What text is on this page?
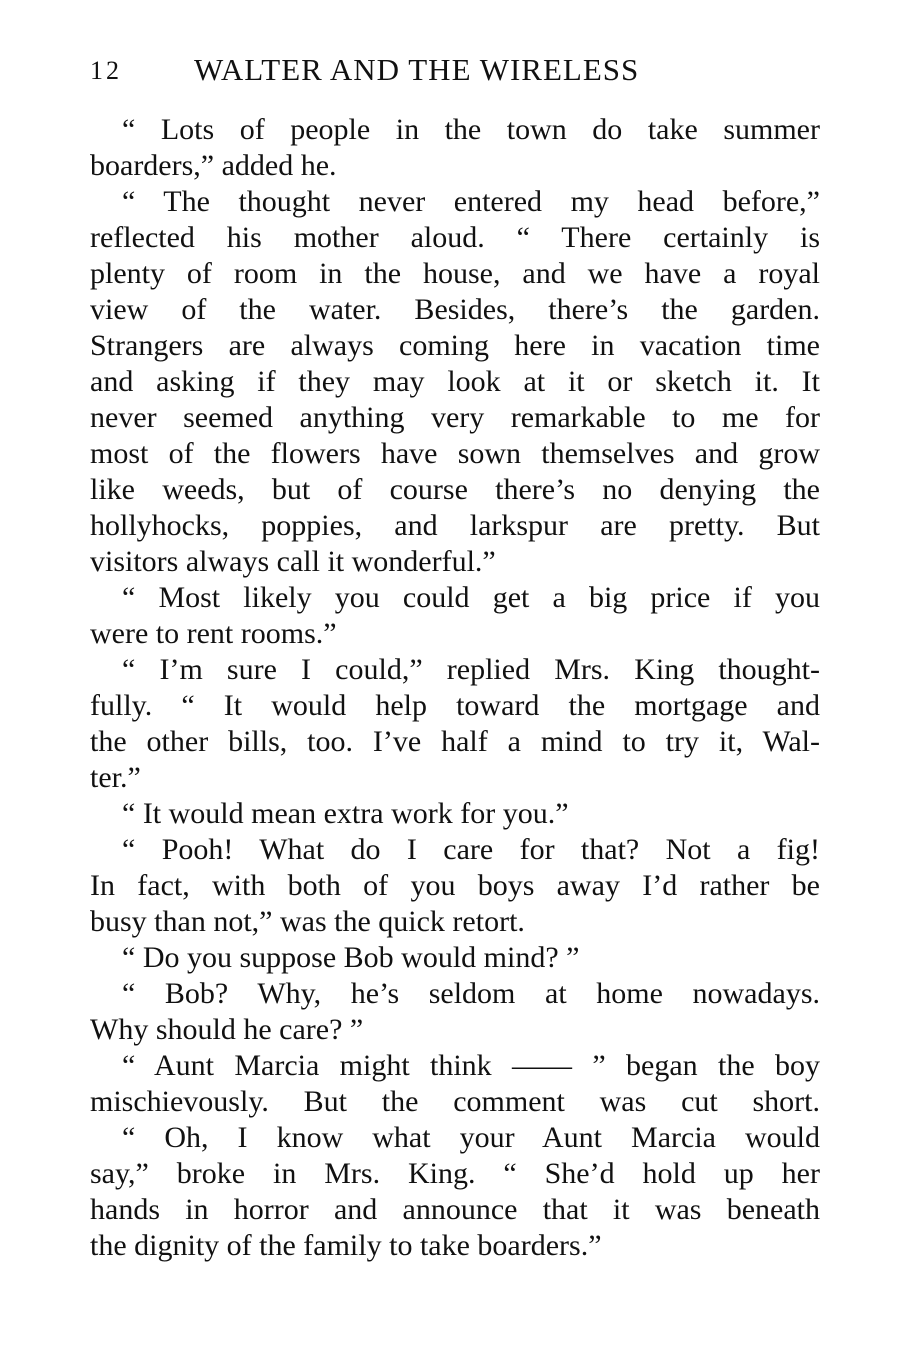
12 WALTER AND THE WIRELESS
“ Lots of people in the town do take summer
boarders,” added he.
“ The thought never entered my head before,”
reflected his mother aloud. “ There certainly is
plenty of room in the house, and we have a royal
view of the water. Besides, there’s the garden.
Strangers are always coming here in vacation time
and asking if they may look at it or sketch it. It
never seemed anything very remarkable to me for
most of the flowers have sown themselves and grow
like weeds, but of course there’s no denying the
hollyhocks, poppies, and larkspur are pretty. But
visitors always call it wonderful.”
“ Most likely you could get a big price if you
were to rent rooms.”
“ I’m sure I could,” replied Mrs. King thought-
fully. “ It would help toward the mortgage and
the other bills, too. I’ve half a mind to try it, Wal-
ter.”
“ It would mean extra work for you.”
“ Pooh! What do I care for that? Not a fig!
In fact, with both of you boys away I’d rather be
busy than not,” was the quick retort.
“ Do you suppose Bob would mind? ”
“ Bob? Why, he’s seldom at home nowadays.
Why should he care? ”
“ Aunt Marcia might think —— ” began the boy
mischievously. But the comment was cut short.
“ Oh, I know what your Aunt Marcia would
say,” broke in Mrs. King. “ She’d hold up her
hands in horror and announce that it was beneath
the dignity of the family to take boarders.”
